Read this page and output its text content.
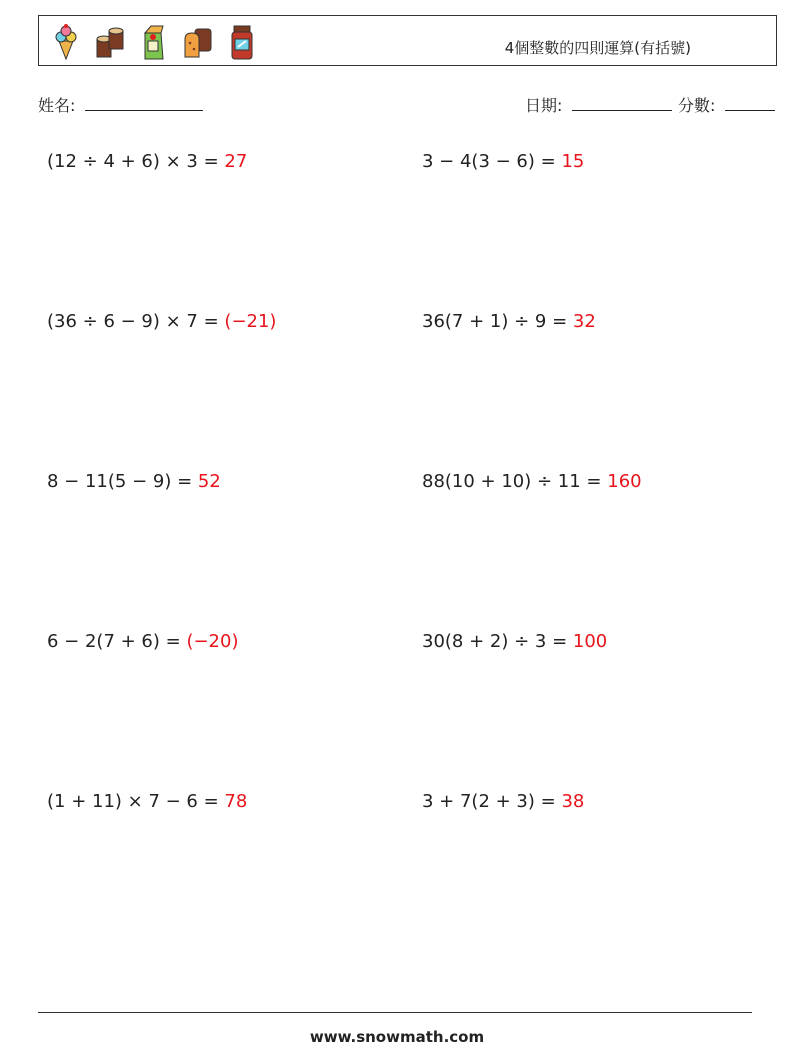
4個整數的四則運算(有括號)
姓名:	日期:	分數:
(12 ÷ 4 + 6) × 3 = 27	3 − 4(3 − 6) = 15
(36 ÷ 6 − 9) × 7 = (−21)	36(7 + 1) ÷ 9 = 32
8 − 11(5 − 9) = 52	88(10 + 10) ÷ 11 = 160
6 − 2(7 + 6) = (−20)	30(8 + 2) ÷ 3 = 100
(1 + 11) × 7 − 6 = 78	3 + 7(2 + 3) = 38
www.snowmath.com
